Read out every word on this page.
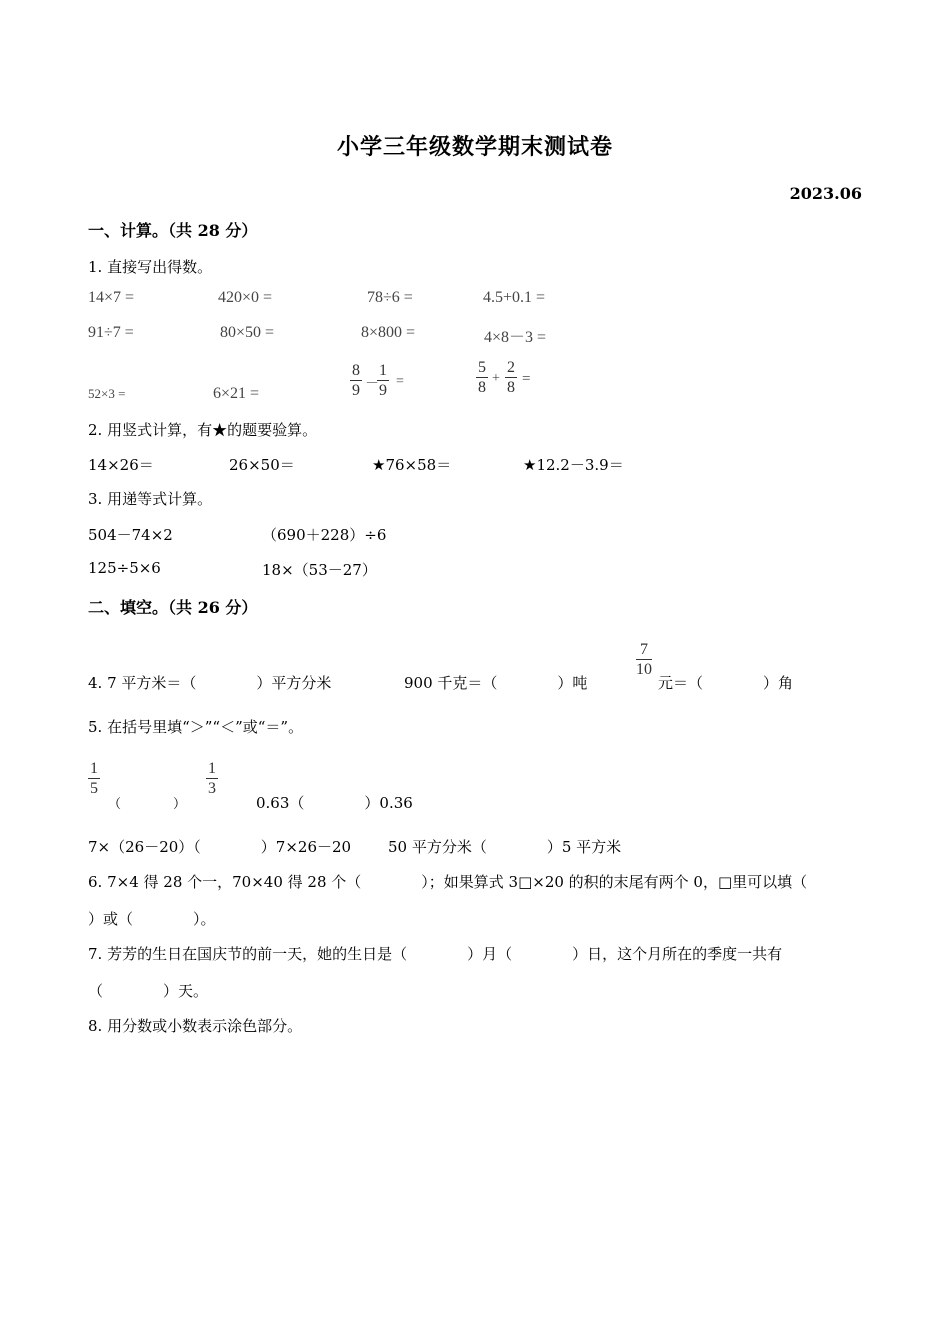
小学三年级数学期末测试卷
2023.06
一、计算。（共 28 分）
1. 直接写出得数。
14×7 =	420×0 =	78÷6 =	4.5+0.1 =
91÷7 =	80×50 =	8×800 =	4×8－3 =
52×3 =	6×21 =
8
9 －
1
9
=
5
8
+
2
8 =
2. 用竖式计算，有★的题要验算。
14×26＝	26×50＝	★76×58＝	★12.2－3.9＝
3. 用递等式计算。
504－74×2	（690＋228）÷6
125÷5×6	18×（53－27）
二、填空。（共 26 分）
4. 7 平方米＝（　　　　）平方分米	900 千克＝（　　　　）吨
7
10
元＝（　　　　）角
5. 在括号里填“＞”“＜”或“＝”。
1
5
（　　　　）
1
3
0.63（　　　　）0.36
7×（26－20）（　　　　）7×26－20 50 平方分米（　　　　）5 平方米
6. 7×4 得 28 个一，70×40 得 28 个（　　　　）；如果算式 3□×20 的积的末尾有两个 0，□里可以填（
）或（　　　　）。
7. 芳芳的生日在国庆节的前一天，她的生日是（　　　　）月（　　　　）日，这个月所在的季度一共有
（　　　　）天。
8. 用分数或小数表示涂色部分。
